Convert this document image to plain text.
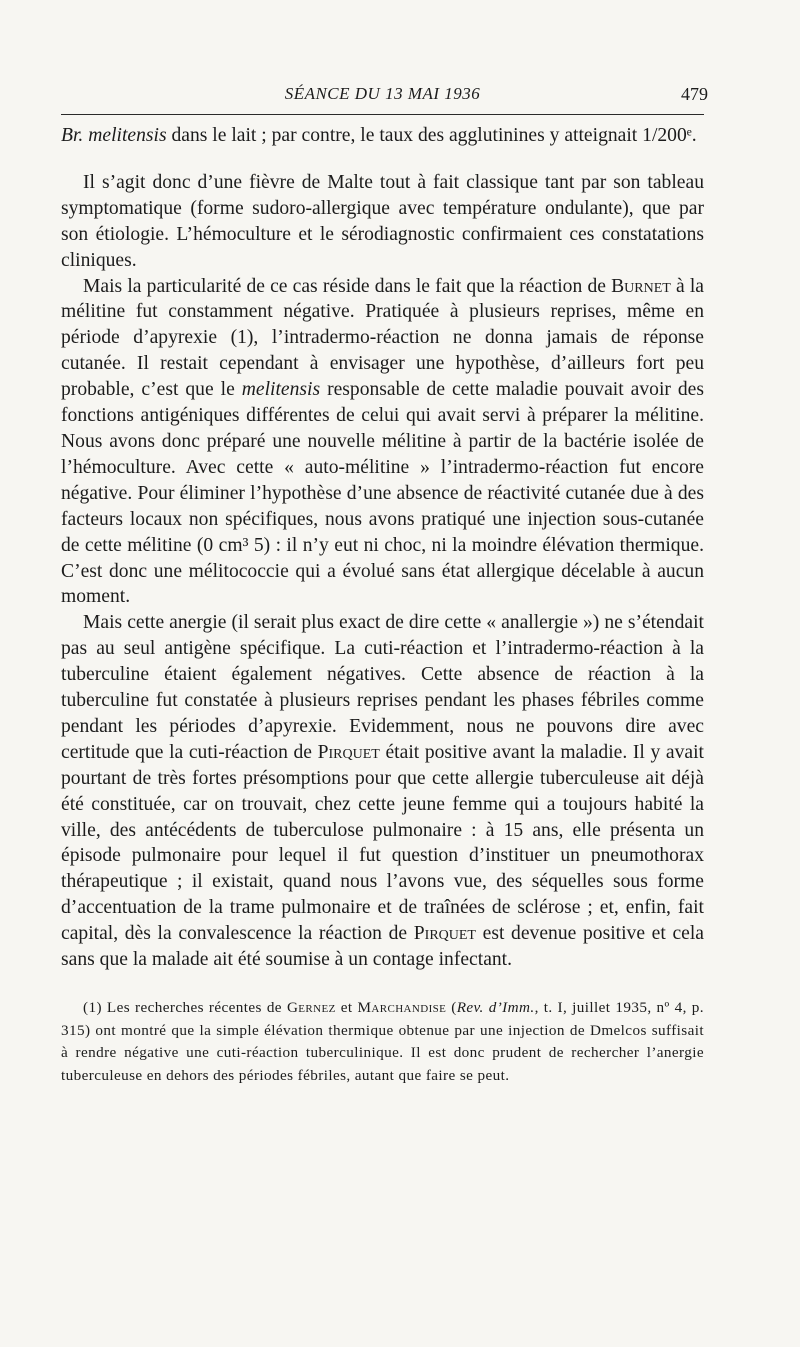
SÉANCE DU 13 MAI 1936	479

Br. melitensis dans le lait ; par contre, le taux des agglutinines y atteignait 1/200ᵉ.

Il s’agit donc d’une fièvre de Malte tout à fait classique tant par son tableau symptomatique (forme sudoro-allergique avec température ondulante), que par son étiologie. L’hémoculture et le sérodiagnostic confirmaient ces constatations cliniques.

Mais la particularité de ce cas réside dans le fait que la réaction de Burnet à la mélitine fut constamment négative. Pratiquée à plusieurs reprises, même en période d’apyrexie (1), l’intradermo-réaction ne donna jamais de réponse cutanée. Il restait cependant à envisager une hypothèse, d’ailleurs fort peu probable, c’est que le melitensis responsable de cette maladie pouvait avoir des fonctions antigéniques différentes de celui qui avait servi à préparer la mélitine. Nous avons donc préparé une nouvelle mélitine à partir de la bactérie isolée de l’hémoculture. Avec cette « auto-mélitine » l’intradermo-réaction fut encore négative. Pour éliminer l’hypothèse d’une absence de réactivité cutanée due à des facteurs locaux non spécifiques, nous avons pratiqué une injection sous-cutanée de cette mélitine (0 cm³ 5) : il n’y eut ni choc, ni la moindre élévation thermique. C’est donc une mélitococcie qui a évolué sans état allergique décelable à aucun moment.

Mais cette anergie (il serait plus exact de dire cette « anallergie ») ne s’étendait pas au seul antigène spécifique. La cuti-réaction et l’intradermo-réaction à la tuberculine étaient également négatives. Cette absence de réaction à la tuberculine fut constatée à plusieurs reprises pendant les phases fébriles comme pendant les périodes d’apyrexie. Evidemment, nous ne pouvons dire avec certitude que la cuti-réaction de Pirquet était positive avant la maladie. Il y avait pourtant de très fortes présomptions pour que cette allergie tuberculeuse ait déjà été constituée, car on trouvait, chez cette jeune femme qui a toujours habité la ville, des antécédents de tuberculose pulmonaire : à 15 ans, elle présenta un épisode pulmonaire pour lequel il fut question d’instituer un pneumothorax thérapeutique ; il existait, quand nous l’avons vue, des séquelles sous forme d’accentuation de la trame pulmonaire et de traînées de sclérose ; et, enfin, fait capital, dès la convalescence la réaction de Pirquet est devenue positive et cela sans que la malade ait été soumise à un contage infectant.

(1) Les recherches récentes de Gernez et Marchandise (Rev. d’Imm., t. I, juillet 1935, nº 4, p. 315) ont montré que la simple élévation thermique obtenue par une injection de Dmelcos suffisait à rendre négative une cuti-réaction tuberculinique. Il est donc prudent de rechercher l’anergie tuberculeuse en dehors des périodes fébriles, autant que faire se peut.
